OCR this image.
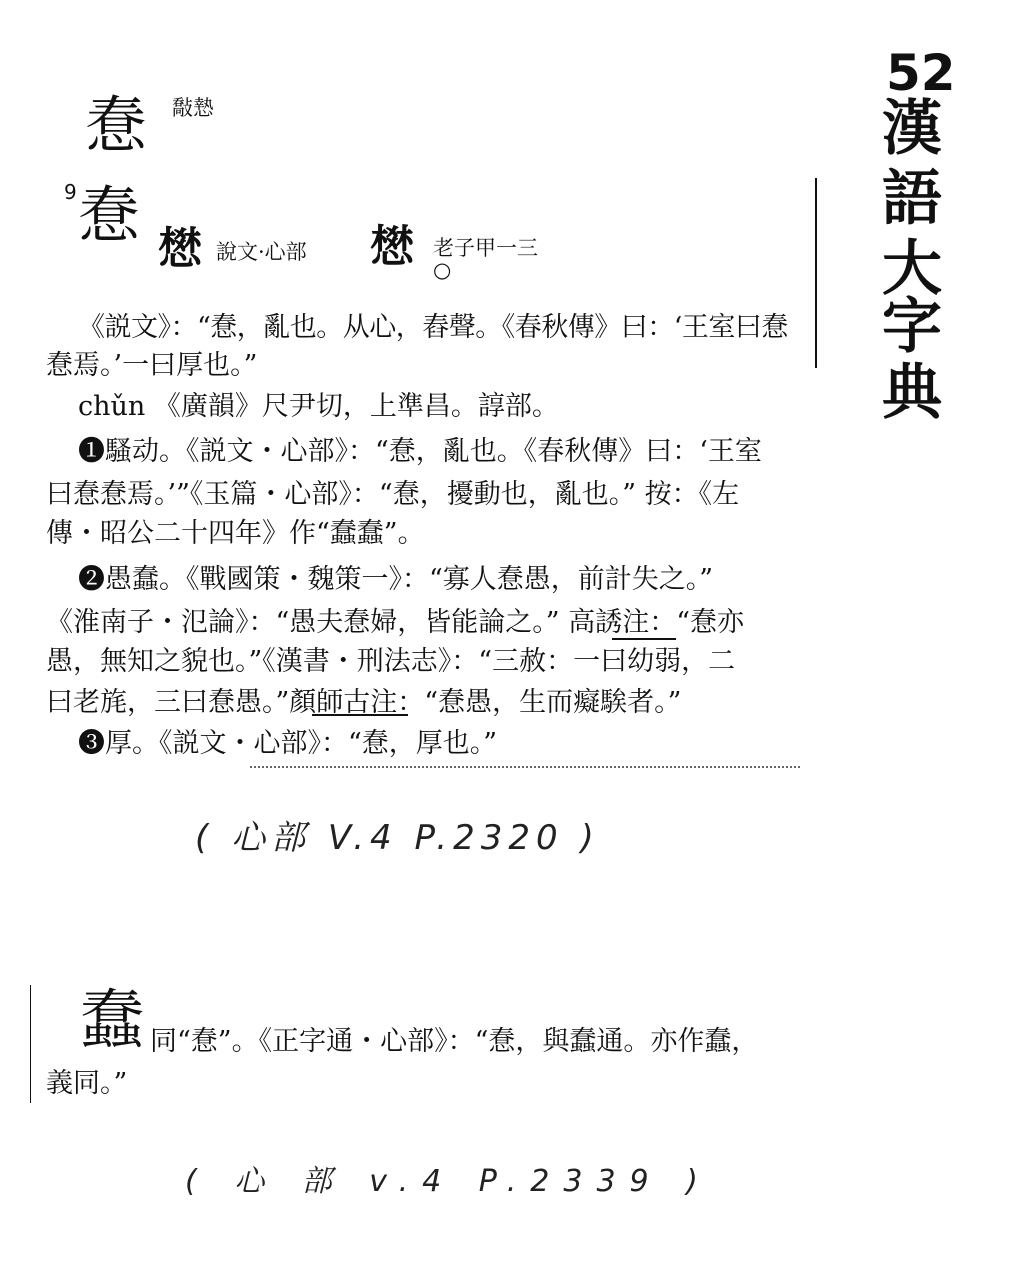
52
漢
語
大
字
典
惷 敽慹
9 惷 𢡟 說文·心部 𢡟 老子甲一三
○
《説文》：“惷，亂也。从心，舂聲。《春秋傳》曰：‘王室曰惷
惷焉。’一曰厚也。”
chǔn 《廣韻》尺尹切，上準昌。諄部。
❶騷动。《説文・心部》：“惷，亂也。《春秋傳》曰：‘王室
曰惷惷焉。’”《玉篇・心部》：“惷，擾動也，亂也。” 按：《左
傳・昭公二十四年》作“蠢蠢”。
❷愚蠢。《戰國策・魏策一》：“寡人惷愚，前計失之。”
《淮南子・氾論》：“愚夫惷婦，皆能論之。” 高誘注：“惷亦
愚，無知之貌也。”《漢書・刑法志》：“三赦：一曰幼弱，二
曰老旄，三曰惷愚。”顏師古注：“惷愚，生而癡騃者。”
❸厚。《説文・心部》：“惷，厚也。”
( 心部 V.4 P.2320 )
蠢 同“惷”。《正字通・心部》：“惷，與蠢通。亦作蠢，
義同。”
( 心 部 v.4 P.2339 )
